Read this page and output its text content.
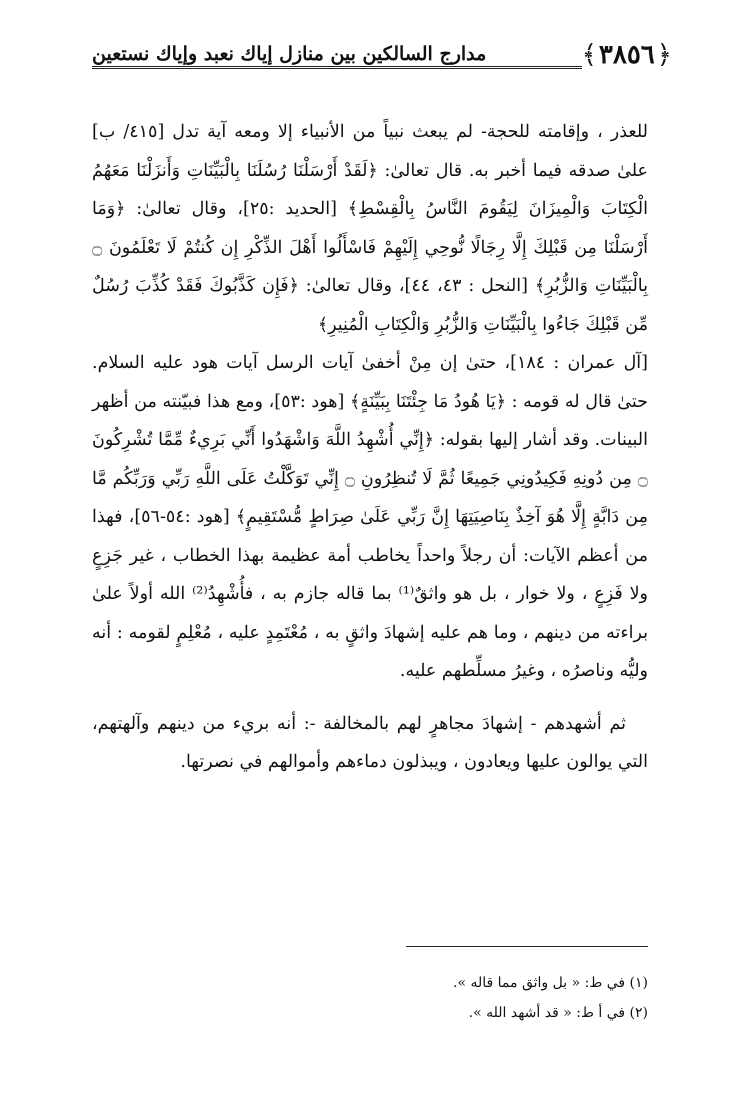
﴿ ٣٨٥٦ ﴾
مدارج السالكين بين منازل إياك نعبد وإياك نستعين

للعذر ، وإقامته للحجة- لم يبعث نبياً من الأنبياء إلا ومعه آية تدل [٤١٥/ ب] علىٰ صدقه فيما أخبر به. قال تعالىٰ: ﴿لَقَدْ أَرْسَلْنَا رُسُلَنَا بِالْبَيِّنَاتِ وَأَنزَلْنَا مَعَهُمُ الْكِتَابَ وَالْمِيزَانَ لِيَقُومَ النَّاسُ بِالْقِسْطِ﴾ [الحديد :٢٥]، وقال تعالىٰ: ﴿وَمَا أَرْسَلْنَا مِن قَبْلِكَ إِلَّا رِجَالًا نُّوحِي إِلَيْهِمْ فَاسْأَلُوا أَهْلَ الذِّكْرِ إِن كُنتُمْ لَا تَعْلَمُونَ ۝ بِالْبَيِّنَاتِ وَالزُّبُرِ﴾ [النحل : ٤٣، ٤٤]، وقال تعالىٰ: ﴿فَإِن كَذَّبُوكَ فَقَدْ كُذِّبَ رُسُلٌ مِّن قَبْلِكَ جَاءُوا بِالْبَيِّنَاتِ وَالزُّبُرِ وَالْكِتَابِ الْمُنِيرِ﴾

[آل عمران : ١٨٤]، حتىٰ إن مِنْ أخفىٰ آيات الرسل آيات هود عليه السلام. حتىٰ قال له قومه : ﴿يَا هُودُ مَا جِئْتَنَا بِبَيِّنَةٍ﴾ [هود :٥٣]، ومع هذا فبيّنته من أظهر البينات. وقد أشار إليها بقوله: ﴿إِنِّي أُشْهِدُ اللَّهَ وَاشْهَدُوا أَنِّي بَرِيءٌ مِّمَّا تُشْرِكُونَ ۝ مِن دُونِهِ فَكِيدُونِي جَمِيعًا ثُمَّ لَا تُنظِرُونِ ۝ إِنِّي تَوَكَّلْتُ عَلَى اللَّهِ رَبِّي وَرَبِّكُم مَّا مِن دَابَّةٍ إِلَّا هُوَ آخِذٌ بِنَاصِيَتِهَا إِنَّ رَبِّي عَلَىٰ صِرَاطٍ مُّسْتَقِيمٍ﴾ [هود :٥٤-٥٦]، فهذا من أعظم الآيات: أن رجلاً واحداً يخاطب أمة عظيمة بهذا الخطاب ، غير جَزِعٍ ولا فَزِعٍ ، ولا خوار ، بل هو واثقٌ⁽¹⁾ بما قاله جازم به ، فأُشْهِدُ⁽²⁾ الله أولاً علىٰ براءته من دينهم ، وما هم عليه إشهادَ واثقٍ به ، مُعْتَمِدٍ عليه ، مُعْلِمٍ لقومه : أنه وليُّه وناصرُه ، وغيرُ مسلِّطهم عليه.

ثم أشهدهم - إشهادَ مجاهرٍ لهم بالمخالفة -: أنه بريء من دينهم وآلهتهم، التي يوالون عليها ويعادون ، ويبذلون دماءهم وأموالهم في نصرتها.

(١) في ط: « بل واثق مما قاله ».
(٢) في أ ط: « قد أشهد الله ».
